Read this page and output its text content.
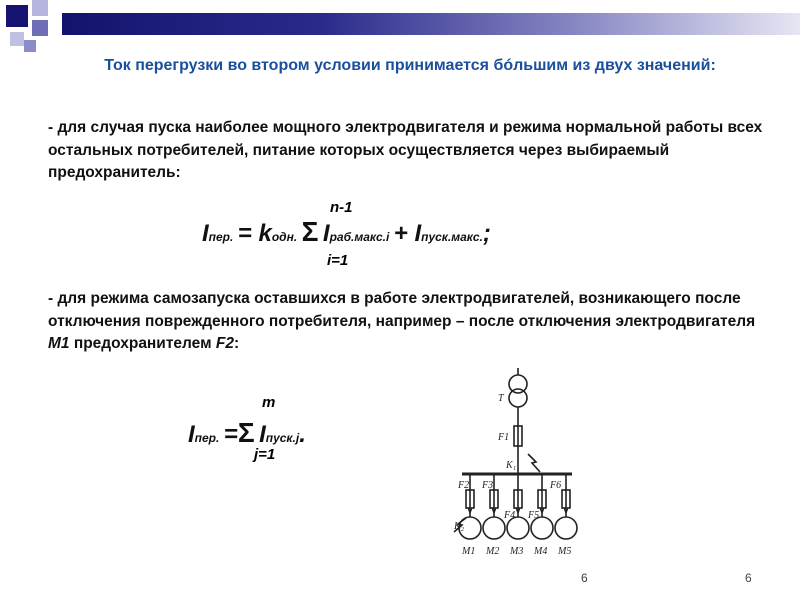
Ток перегрузки во втором условии принимается бóльшим из двух значений:

- для случая пуска наиболее мощного электродвигателя и режима нормальной работы всех остальных потребителей, питание которых осуществляется через выбираемый предохранитель:

Iпер. = kодн. Σ Iраб.макс.i + Iпуск.макс.;
n-1
i=1

- для режима самозапуска оставшихся в работе электродвигателей, возникающего после отключения поврежденного потребителя, например – после отключения электродвигателя М1 предохранителем F2:

Iпер. =Σ Iпуск.j.
m
j=1
T
F1
K₁
K₂
F2 F3
F4 F5
F6
M1 M2 M3 M4 M5
6	6
